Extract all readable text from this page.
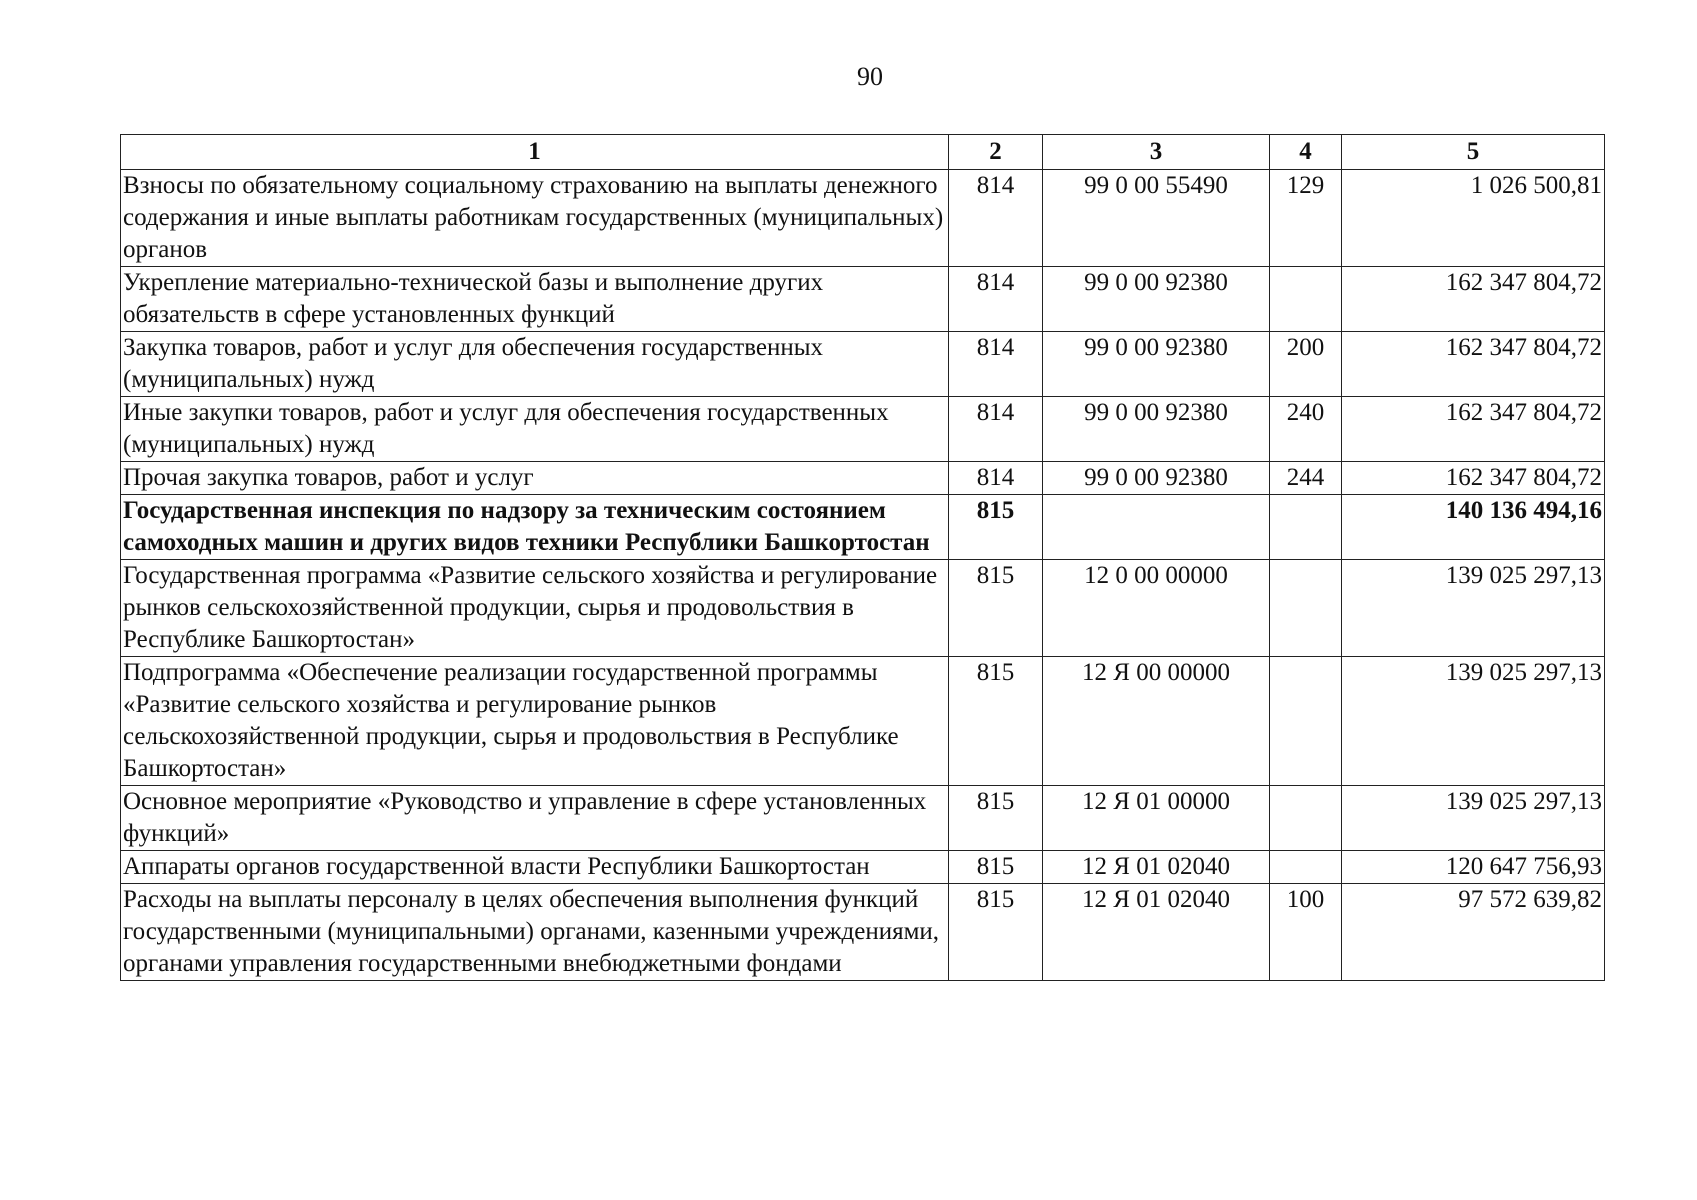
90
1	2	3	4	5
Взносы по обязательному социальному страхованию на выплаты денежного содержания и иные выплаты работникам государственных (муниципальных) органов	814	99 0 00 55490	129	1 026 500,81
Укрепление материально-технической базы и выполнение других обязательств в сфере установленных функций	814	99 0 00 92380		162 347 804,72
Закупка товаров, работ и услуг для обеспечения государственных (муниципальных) нужд	814	99 0 00 92380	200	162 347 804,72
Иные закупки товаров, работ и услуг для обеспечения государственных (муниципальных) нужд	814	99 0 00 92380	240	162 347 804,72
Прочая закупка товаров, работ и услуг	814	99 0 00 92380	244	162 347 804,72
Государственная инспекция по надзору за техническим состоянием самоходных машин и других видов техники Республики Башкортостан	815			140 136 494,16
Государственная программа «Развитие сельского хозяйства и регулирование рынков сельскохозяйственной продукции, сырья и продовольствия в Республике Башкортостан»	815	12 0 00 00000		139 025 297,13
Подпрограмма «Обеспечение реализации государственной программы «Развитие сельского хозяйства и регулирование рынков сельскохозяйственной продукции, сырья и продовольствия в Республике Башкортостан»	815	12 Я 00 00000		139 025 297,13
Основное мероприятие «Руководство и управление в сфере установленных функций»	815	12 Я 01 00000		139 025 297,13
Аппараты органов государственной власти Республики Башкортостан	815	12 Я 01 02040		120 647 756,93
Расходы на выплаты персоналу в целях обеспечения выполнения функций государственными (муниципальными) органами, казенными учреждениями, органами управления государственными внебюджетными фондами	815	12 Я 01 02040	100	97 572 639,82
